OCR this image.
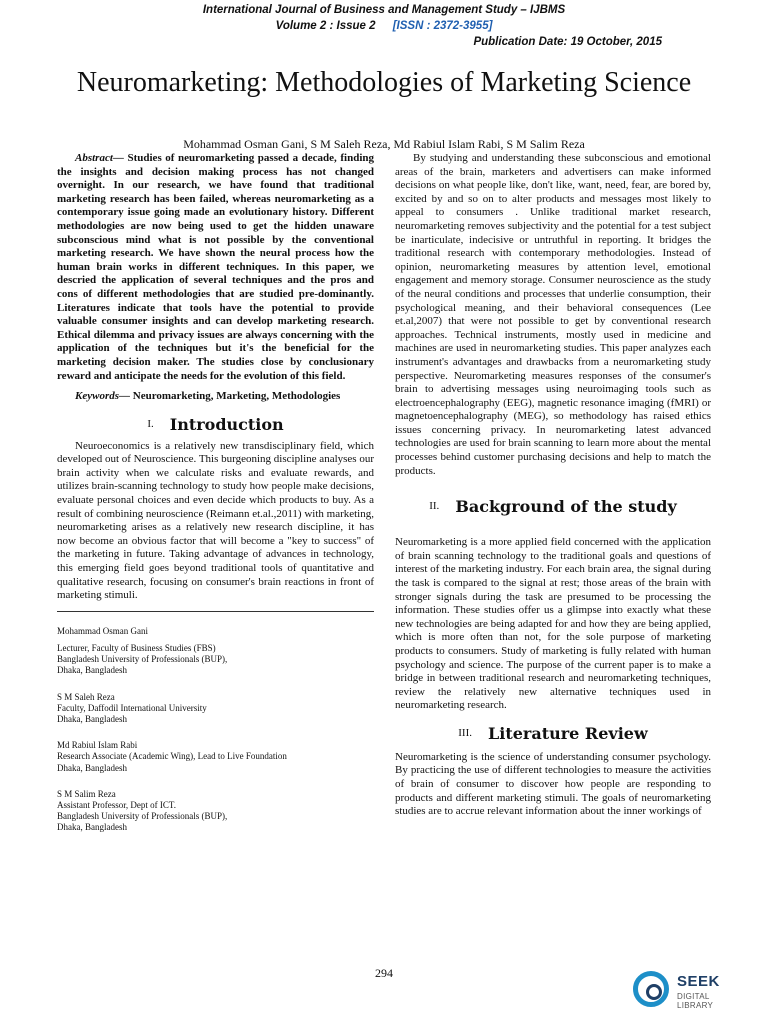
International Journal of Business and Management Study – IJBMS
Volume 2 : Issue 2 [ISSN : 2372-3955]
Publication Date: 19 October, 2015
Neuromarketing: Methodologies of Marketing Science
Mohammad Osman Gani, S M Saleh Reza, Md Rabiul Islam Rabi, S M Salim Reza

Abstract— Studies of neuromarketing passed a decade, finding the insights and decision making process has not changed overnight. In our research, we have found that traditional marketing research has been failed, whereas neuromarketing as a contemporary issue going made an evolutionary history. Different methodologies are now being used to get the hidden unaware subconscious mind what is not possible by the conventional marketing research. We have shown the neural process how the human brain works in different techniques. In this paper, we descried the application of several techniques and the pros and cons of different methodologies that are studied pre-dominantly. Literatures indicate that tools have the potential to provide valuable consumer insights and can develop marketing research. Ethical dilemma and privacy issues are always concerning with the application of the techniques but it's the beneficial for the marketing decision maker. The studies close by conclusionary reward and anticipate the needs for the evolution of this field.

Keywords— Neuromarketing, Marketing, Methodologies

I. Introduction

Neuroeconomics is a relatively new transdisciplinary field, which developed out of Neuroscience. This burgeoning discipline analyses our brain activity when we calculate risks and evaluate rewards, and utilizes brain-scanning technology to study how people make decisions, evaluate personal choices and even decide which products to buy. As a result of combining neuroscience (Reimann et.al.,2011) with marketing, neuromarketing arises as a relatively new research discipline, it has now become an obvious factor that will become a "key to success" of the marketing in future. Taking advantage of advances in technology, this emerging field goes beyond traditional tools of quantitative and qualitative research, focusing on consumer's brain reactions in front of marketing stimuli.

Mohammad Osman Gani
Lecturer, Faculty of Business Studies (FBS)
Bangladesh University of Professionals (BUP),
Dhaka, Bangladesh
S M Saleh Reza
Faculty, Daffodil International University
Dhaka, Bangladesh
Md Rabiul Islam Rabi
Research Associate (Academic Wing), Lead to Live Foundation
Dhaka, Bangladesh
S M Salim Reza
Assistant Professor, Dept of ICT.
Bangladesh University of Professionals (BUP),
Dhaka, Bangladesh

By studying and understanding these subconscious and emotional areas of the brain, marketers and advertisers can make informed decisions on what people like, don't like, want, need, fear, are bored by, excited by and so on to alter products and messages most likely to appeal to consumers . Unlike traditional market research, neuromarketing removes subjectivity and the potential for a test subject be inarticulate, indecisive or untruthful in reporting. It bridges the traditional research with contemporary methodologies. Instead of opinion, neuromarketing measures by attention level, emotional engagement and memory storage. Consumer neuroscience as the study of the neural conditions and processes that underlie consumption, their psychological meaning, and their behavioral consequences (Lee et.al,2007) that were not possible to get by conventional research approaches. Technical instruments, mostly used in medicine and machines are used in neuromarketing studies. This paper analyzes each instrument's advantages and drawbacks from a neuromarketing study perspective. Neuromarketing measures responses of the consumer's brain to advertising messages using neuroimaging tools such as electroencephalography (EEG), magnetic resonance imaging (fMRI) or magnetoencephalography (MEG), so methodology has raised ethics issues concerning privacy. In neuromarketing latest advanced technologies are used for brain scanning to learn more about the mental processes behind customer purchasing decisions and help to match the products.

II. Background of the study

Neuromarketing is a more applied field concerned with the application of brain scanning technology to the traditional goals and questions of interest of the marketing industry. For each brain area, the signal during the task is compared to the signal at rest; those areas of the brain with stronger signals during the task are presumed to be processing the information. These studies offer us a glimpse into exactly what these new technologies are being adapted for and how they are being applied, which is more often than not, for the sole purpose of marketing products to consumers. Study of marketing is fully related with human psychology and science. The purpose of the current paper is to make a bridge in between traditional research and neuromarketing techniques, review the relatively new alternative techniques used in neuromarketing research.

III. Literature Review

Neuromarketing is the science of understanding consumer psychology. By practicing the use of different technologies to measure the activities of brain of consumer to discover how people are responding to products and different marketing stimuli. The goals of neuromarketing studies are to accrue relevant information about the inner workings of

294	SEEK
DIGITAL LIBRARY
